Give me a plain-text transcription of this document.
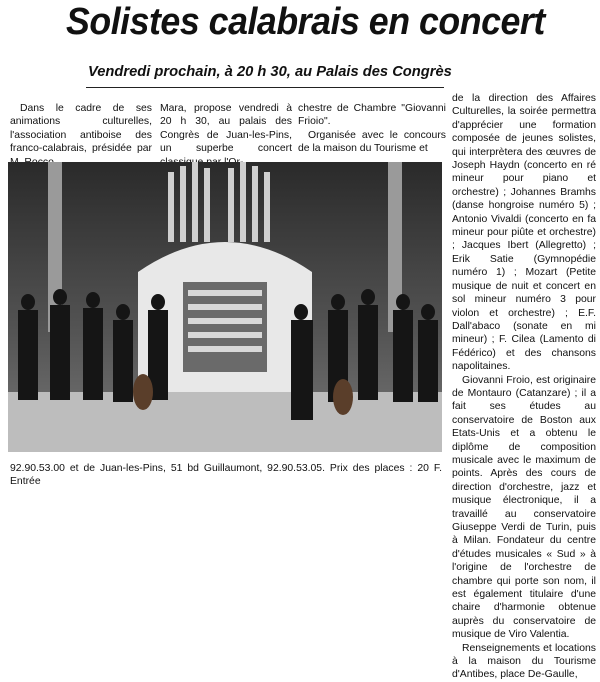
Solistes calabrais en concert
Vendredi prochain, à 20 h 30, au Palais des Congrès

Dans le cadre de ses animations culturelles, l'association antiboise des franco-calabrais, présidée par

Mara, propose vendredi à 20 h 30, au palais des Congrès de Juan-les-Pins, un superbe concert

chestre de Chambre "Giovanni Frioio".

Organisée avec le concours de la maison du Tourisme et

de la direction des Affaires Culturelles, la soirée permettra d'apprécier une formation composée de jeunes solistes, qui interprètera des œuvres de Joseph Haydn (concerto en ré mineur pour piano et orchestre) ; Johannes Bramhs (danse hongroise numéro 5) ; Antonio Vivaldi (concerto en fa mineur pour piûte et orchestre) ; Jacques Ibert (Allegretto) ; Erik Satie (Gymnopédie numéro 1) ; Mozart (Petite musique de nuit et concert en sol mineur numéro 3 pour violon et orchestre) ; E.F. Dall'abaco (sonate en mi mineur) ; F. Cilea (Lamento di Fédérico) et des chansons napolitaines.

Giovanni Froio, est originaire de Montauro (Catanzare) ; il a fait ses études au conservatoire de Boston aux Etats-Unis et a obtenu le diplôme de composition musicale avec le maximum de points. Après des cours de direction d'orchestre, jazz et musique électronique, il a travaillé au conservatoire Giuseppe Verdi de Turin, puis à Milan. Fondateur du centre d'études musicales « Sud » à l'origine de l'orchestre de chambre qui porte son nom, il est également titulaire d'une chaire d'harmonie obtenue auprès du conservatoire de musique de Viro Valentia.

Renseignements et locations à la maison du Tourisme d'Antibes, place De-Gaulle,

92.90.53.00 et de Juan-les-Pins, 51 bd Guillaumont, 92.90.53.05. Prix des places : 20 F. Entrée
